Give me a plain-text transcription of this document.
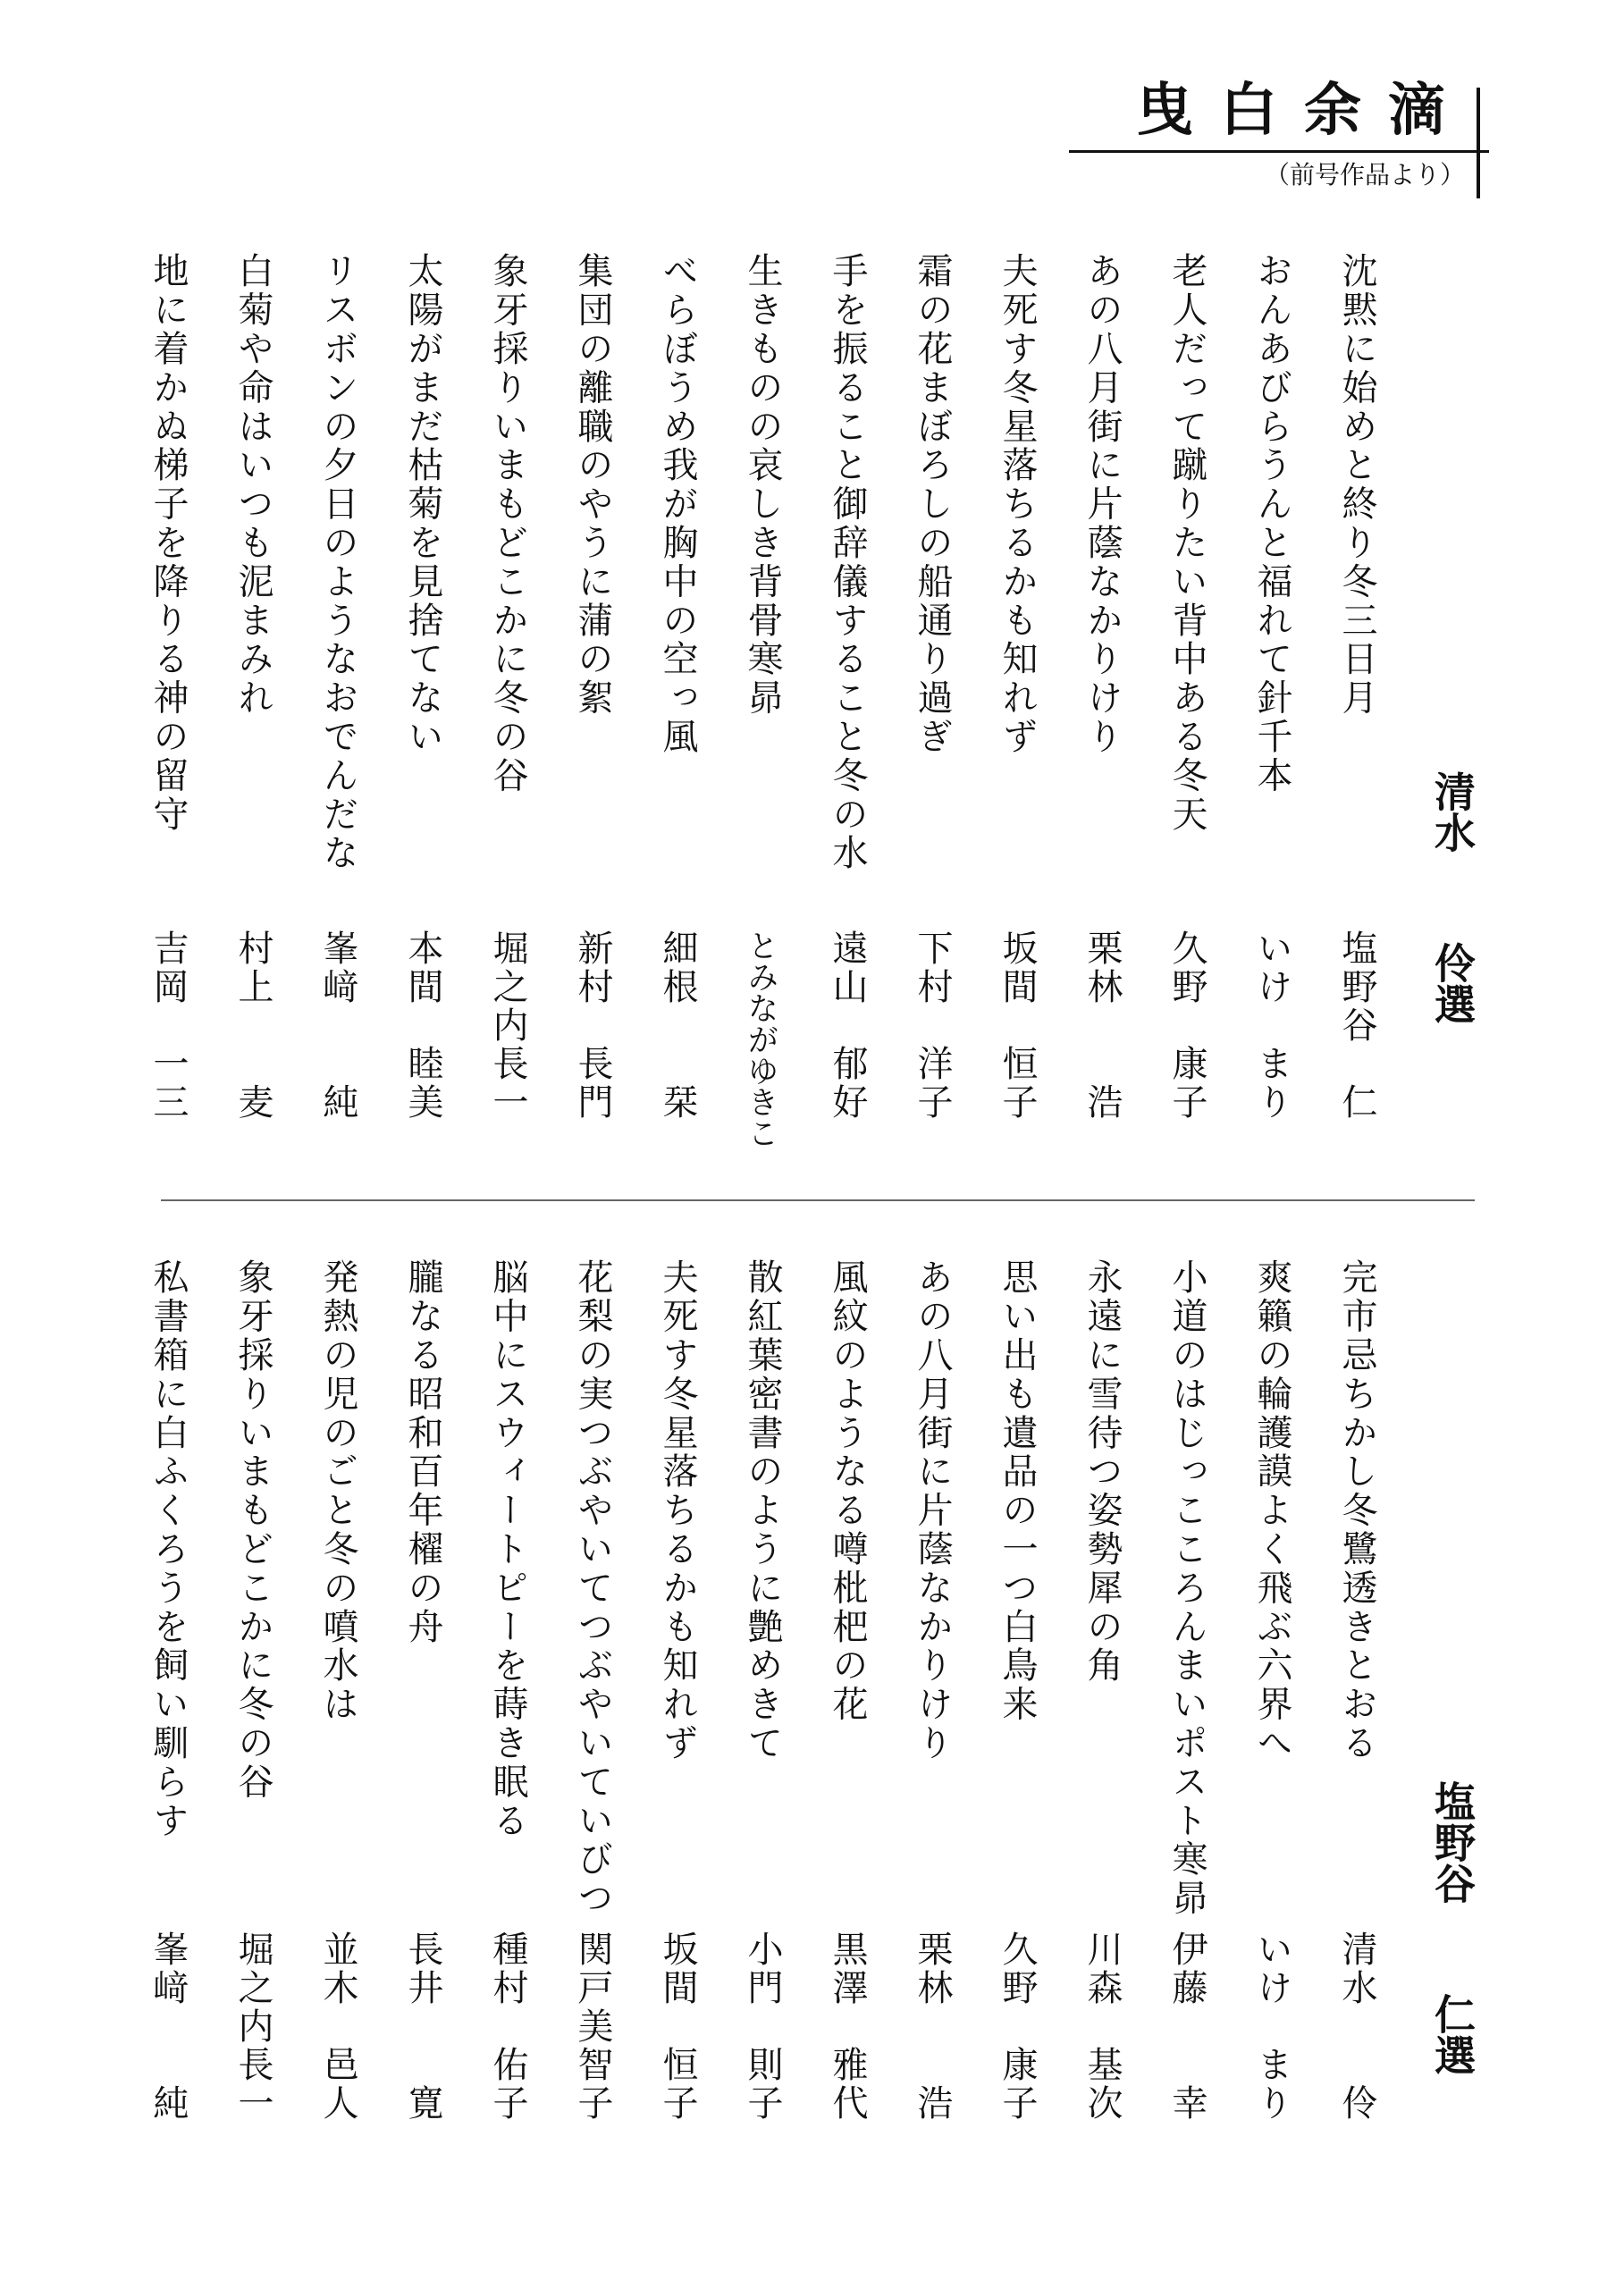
曳白余滴
（前号作品より）
清水伶選
塩野谷仁選
沈黙に始めと終り冬三日月
塩野谷　仁
おんあびらうんと福れて針千本
いけ　まり
老人だって蹴りたい背中ある冬天
久野　康子
あの八月街に片蔭なかりけり
栗林　　浩
夫死す冬星落ちるかも知れず
坂間　恒子
霜の花まぼろしの船通り過ぎ
下村　洋子
手を振ること御辞儀すること冬の水
遠山　郁好
生きものの哀しき背骨寒昴
とみながゆきこ
べらぼうめ我が胸中の空っ風
細根　　栞
集団の離職のやうに蒲の絮
新村　長門
象牙採りいまもどこかに冬の谷
堀之内長一
太陽がまだ枯菊を見捨てない
本間　睦美
リスボンの夕日のようなおでんだな
峯﨑　　純
白菊や命はいつも泥まみれ
村上　　麦
地に着かぬ梯子を降りる神の留守
吉岡　一三
完市忌ちかし冬鷺透きとおる
清水　　伶
爽籟の輪護謨よく飛ぶ六界へ
いけ　まり
小道のはじっこころんまいポスト寒昴
伊藤　　幸
永遠に雪待つ姿勢犀の角
川森　基次
思い出も遺品の一つ白鳥来
久野　康子
あの八月街に片蔭なかりけり
栗林　　浩
風紋のようなる噂枇杷の花
黒澤　雅代
散紅葉密書のように艶めきて
小門　則子
夫死す冬星落ちるかも知れず
坂間　恒子
花梨の実つぶやいてつぶやいていびつ
関戸美智子
脳中にスウィートピーを蒔き眠る
種村　佑子
朧なる昭和百年櫂の舟
長井　　寛
発熱の児のごと冬の噴水は
並木　邑人
象牙採りいまもどこかに冬の谷
堀之内長一
私書箱に白ふくろうを飼い馴らす
峯﨑　　純
